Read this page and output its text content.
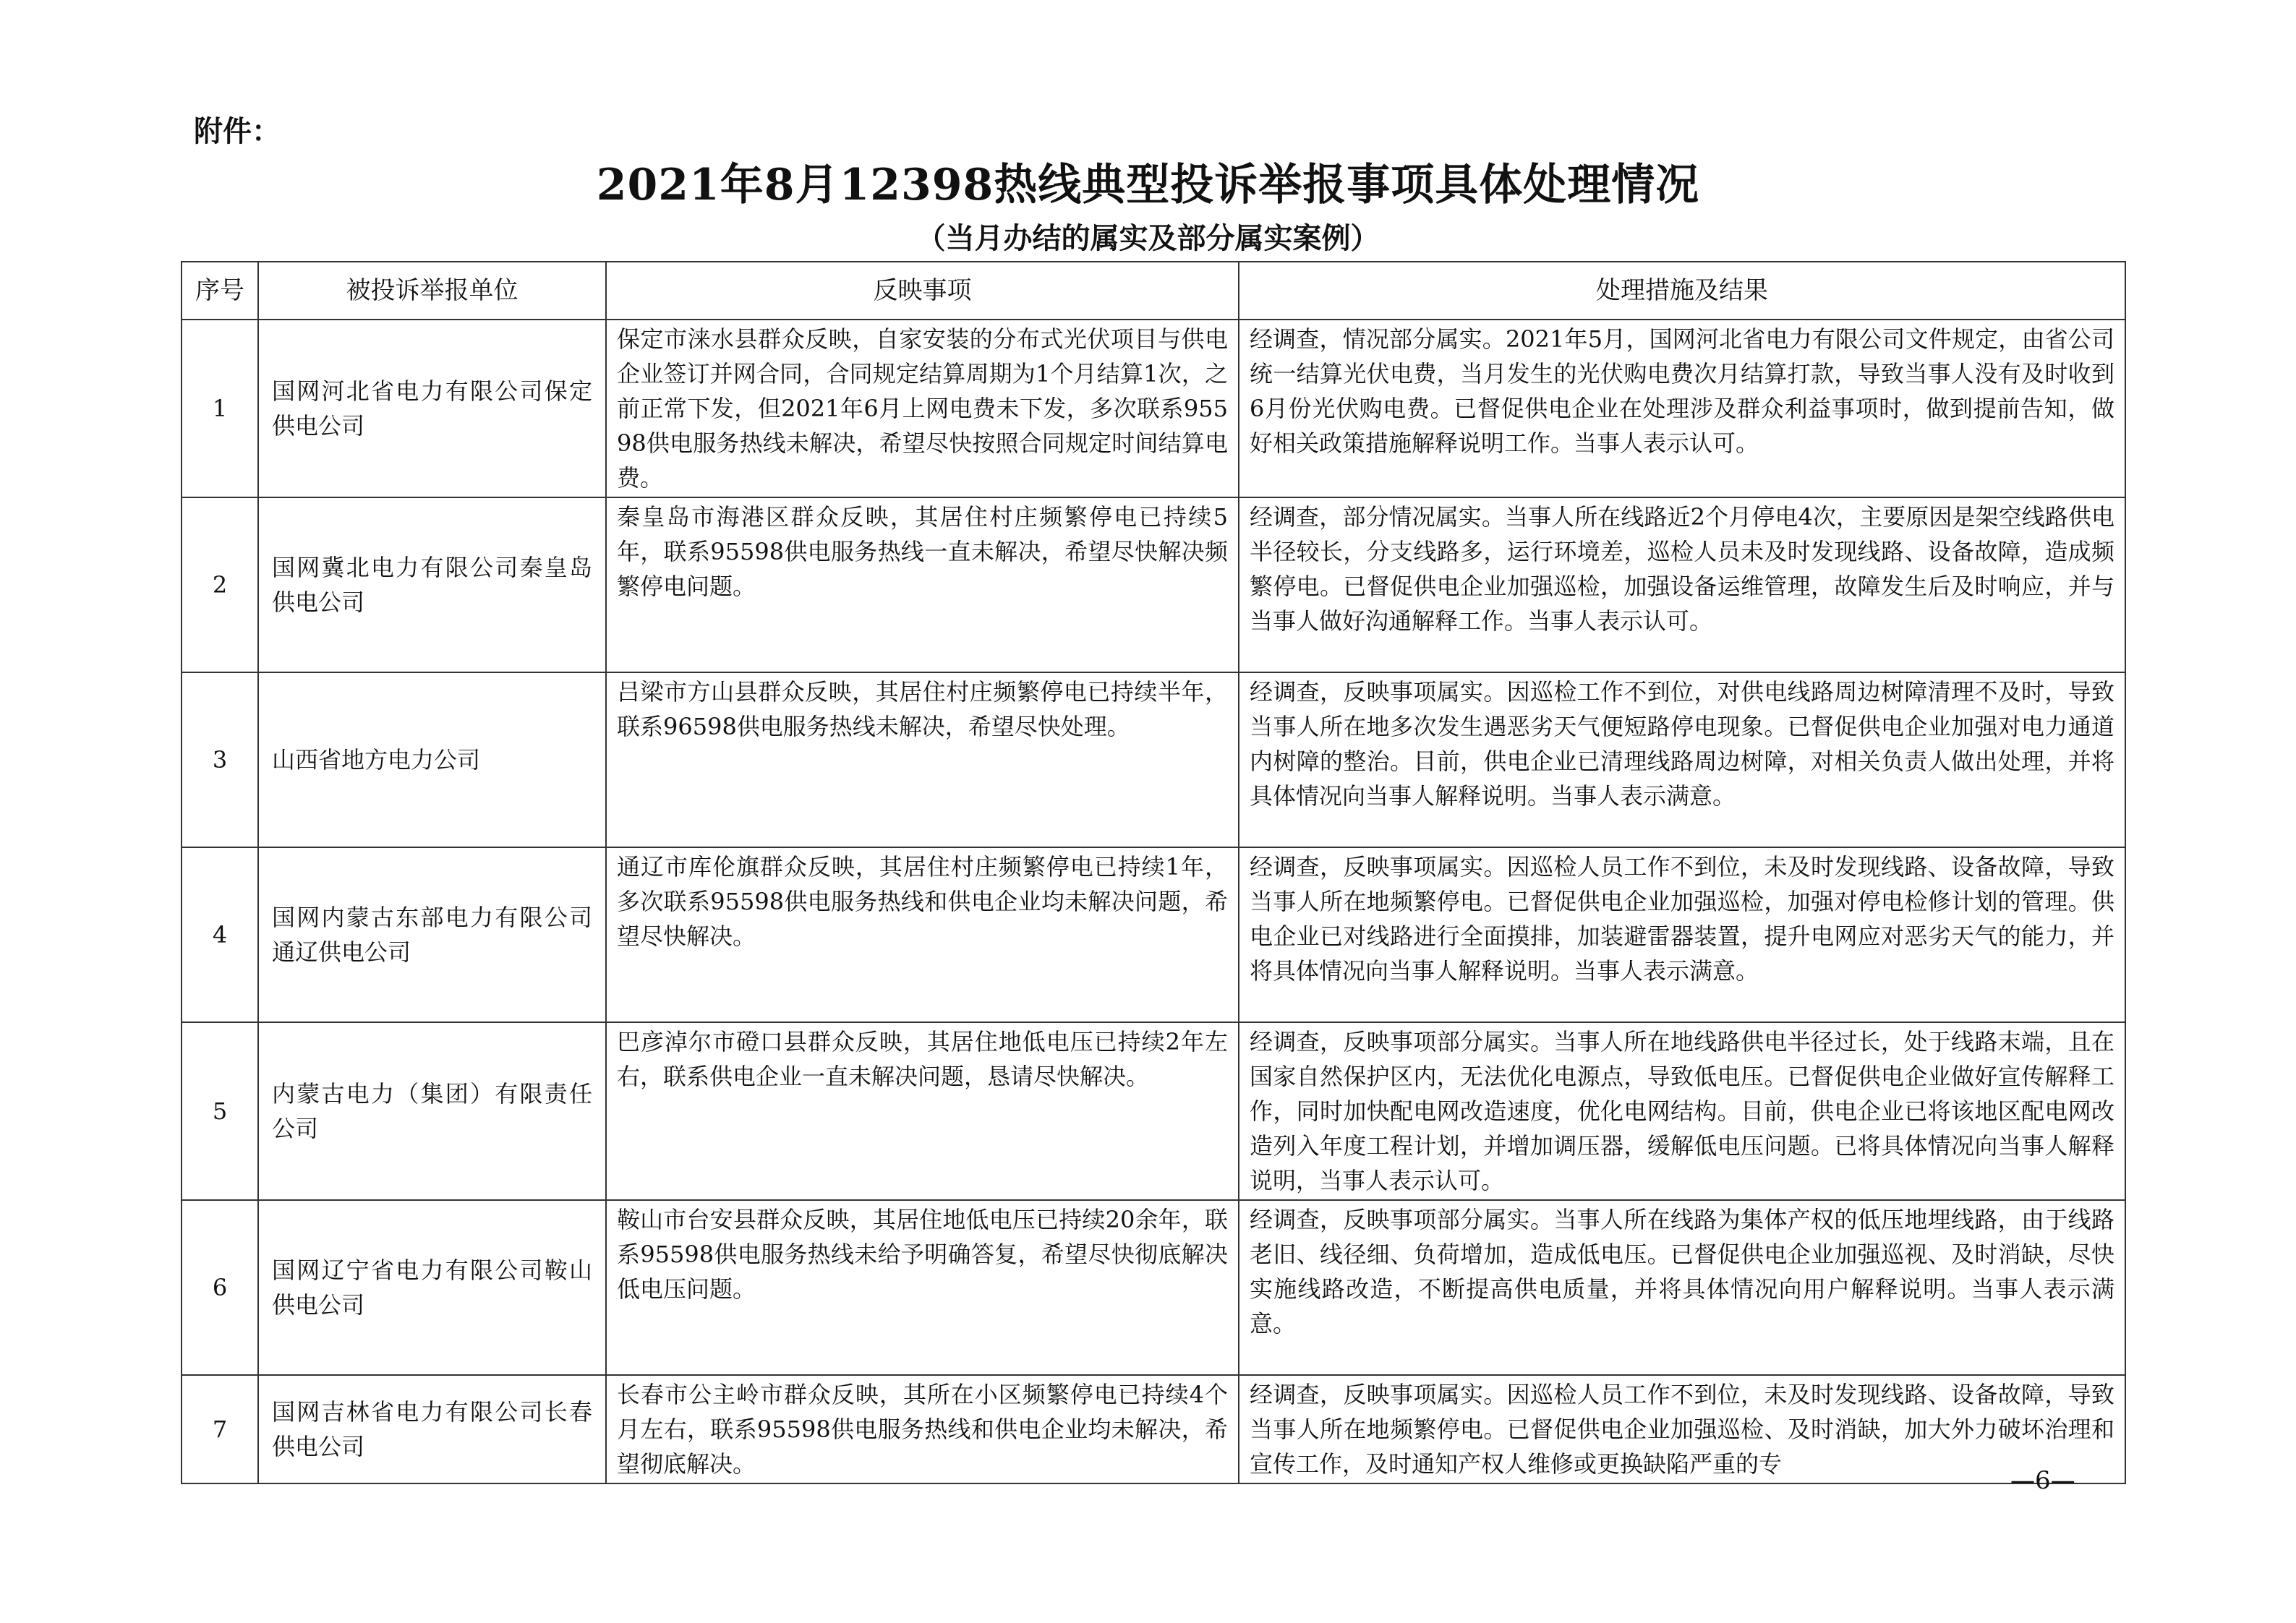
附件：
2021年8月12398热线典型投诉举报事项具体处理情况
（当月办结的属实及部分属实案例）
序号	被投诉举报单位	反映事项	处理措施及结果
1	国网河北省电力有限公司保定供电公司	保定市涞水县群众反映，自家安装的分布式光伏项目与供电企业签订并网合同，合同规定结算周期为1个月结算1次，之前正常下发，但2021年6月上网电费未下发，多次联系95598供电服务热线未解决，希望尽快按照合同规定时间结算电费。	经调查，情况部分属实。2021年5月，国网河北省电力有限公司文件规定，由省公司统一结算光伏电费，当月发生的光伏购电费次月结算打款，导致当事人没有及时收到6月份光伏购电费。已督促供电企业在处理涉及群众利益事项时，做到提前告知，做好相关政策措施解释说明工作。当事人表示认可。
2	国网冀北电力有限公司秦皇岛供电公司	秦皇岛市海港区群众反映，其居住村庄频繁停电已持续5年，联系95598供电服务热线一直未解决，希望尽快解决频繁停电问题。	经调查，部分情况属实。当事人所在线路近2个月停电4次，主要原因是架空线路供电半径较长，分支线路多，运行环境差，巡检人员未及时发现线路、设备故障，造成频繁停电。已督促供电企业加强巡检，加强设备运维管理，故障发生后及时响应，并与当事人做好沟通解释工作。当事人表示认可。
3	山西省地方电力公司	吕梁市方山县群众反映，其居住村庄频繁停电已持续半年，联系96598供电服务热线未解决，希望尽快处理。	经调查，反映事项属实。因巡检工作不到位，对供电线路周边树障清理不及时，导致当事人所在地多次发生遇恶劣天气便短路停电现象。已督促供电企业加强对电力通道内树障的整治。目前，供电企业已清理线路周边树障，对相关负责人做出处理，并将具体情况向当事人解释说明。当事人表示满意。
4	国网内蒙古东部电力有限公司通辽供电公司	通辽市库伦旗群众反映，其居住村庄频繁停电已持续1年，多次联系95598供电服务热线和供电企业均未解决问题，希望尽快解决。	经调查，反映事项属实。因巡检人员工作不到位，未及时发现线路、设备故障，导致当事人所在地频繁停电。已督促供电企业加强巡检，加强对停电检修计划的管理。供电企业已对线路进行全面摸排，加装避雷器装置，提升电网应对恶劣天气的能力，并将具体情况向当事人解释说明。当事人表示满意。
5	内蒙古电力（集团）有限责任公司	巴彦淖尔市磴口县群众反映，其居住地低电压已持续2年左右，联系供电企业一直未解决问题，恳请尽快解决。	经调查，反映事项部分属实。当事人所在地线路供电半径过长，处于线路末端，且在国家自然保护区内，无法优化电源点，导致低电压。已督促供电企业做好宣传解释工作，同时加快配电网改造速度，优化电网结构。目前，供电企业已将该地区配电网改造列入年度工程计划，并增加调压器，缓解低电压问题。已将具体情况向当事人解释说明，当事人表示认可。
6	国网辽宁省电力有限公司鞍山供电公司	鞍山市台安县群众反映，其居住地低电压已持续20余年，联系95598供电服务热线未给予明确答复，希望尽快彻底解决低电压问题。	经调查，反映事项部分属实。当事人所在线路为集体产权的低压地埋线路，由于线路老旧、线径细、负荷增加，造成低电压。已督促供电企业加强巡视、及时消缺，尽快实施线路改造，不断提高供电质量，并将具体情况向用户解释说明。当事人表示满意。
7	国网吉林省电力有限公司长春供电公司	长春市公主岭市群众反映，其所在小区频繁停电已持续4个月左右，联系95598供电服务热线和供电企业均未解决，希望彻底解决。	经调查，反映事项属实。因巡检人员工作不到位，未及时发现线路、设备故障，导致当事人所在地频繁停电。已督促供电企业加强巡检、及时消缺，加大外力破坏治理和宣传工作，及时通知产权人维修或更换缺陷严重的专
—6—
